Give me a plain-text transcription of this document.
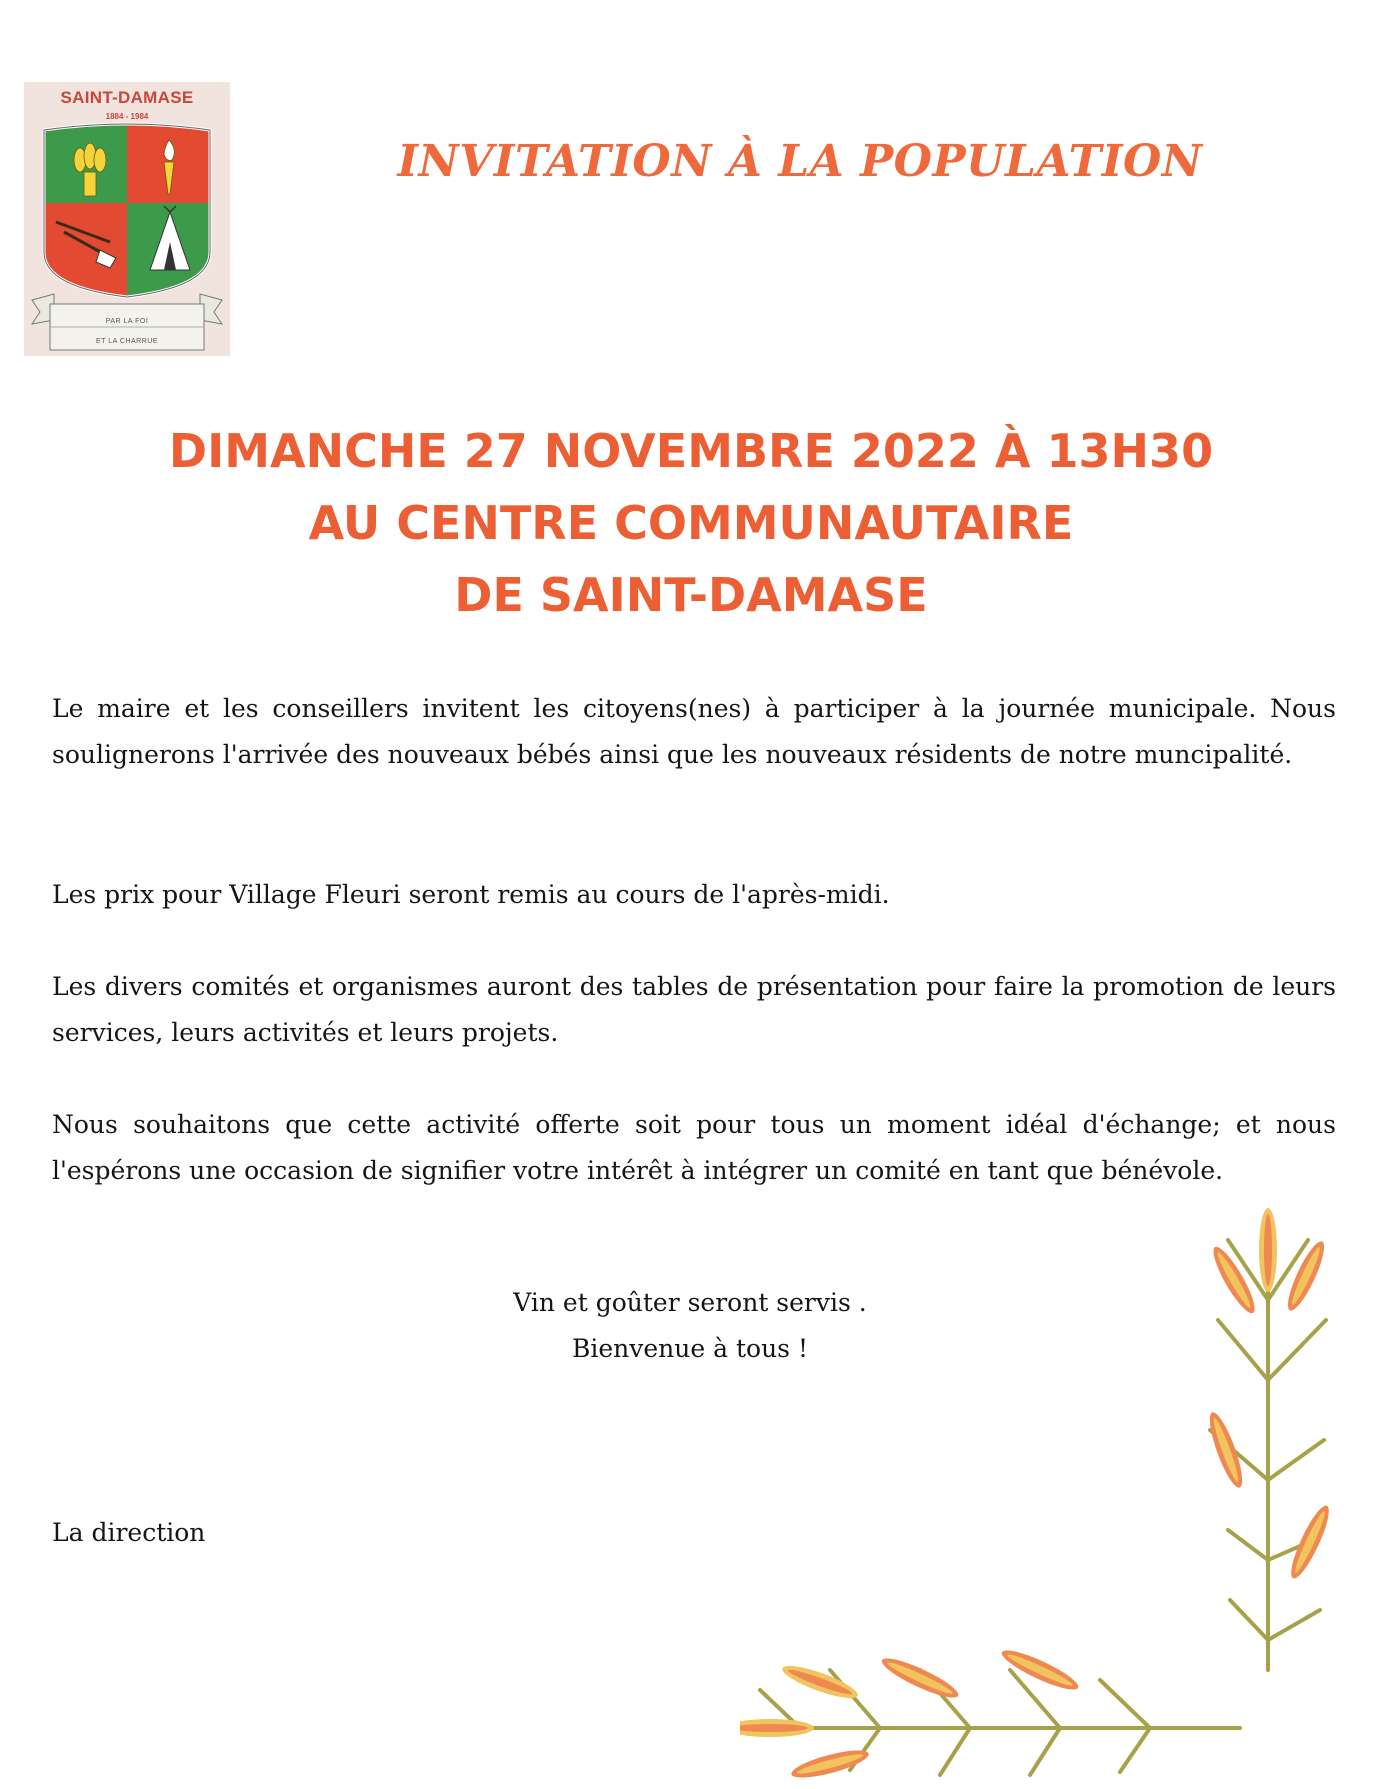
SAINT-DAMASE
1884 - 1984
PAR LA FOI
ET LA CHARRUE
INVITATION À LA POPULATION
DIMANCHE 27 NOVEMBRE 2022 À 13H30
AU CENTRE COMMUNAUTAIRE
DE SAINT-DAMASE
Le maire et les conseillers invitent les citoyens(nes) à participer à la journée municipale. Nous soulignerons l'arrivée des nouveaux bébés ainsi que les nouveaux résidents de notre muncipalité.
Les prix pour Village Fleuri seront remis au cours de l'après-midi.
Les divers comités et organismes auront des tables de présentation pour faire la promotion de leurs services, leurs activités et leurs projets.
Nous souhaitons que cette activité offerte soit pour tous un moment idéal d'échange; et nous l'espérons une occasion de signifier votre intérêt à intégrer un comité en tant que bénévole.
Vin et goûter seront servis .
Bienvenue à tous !
La direction
